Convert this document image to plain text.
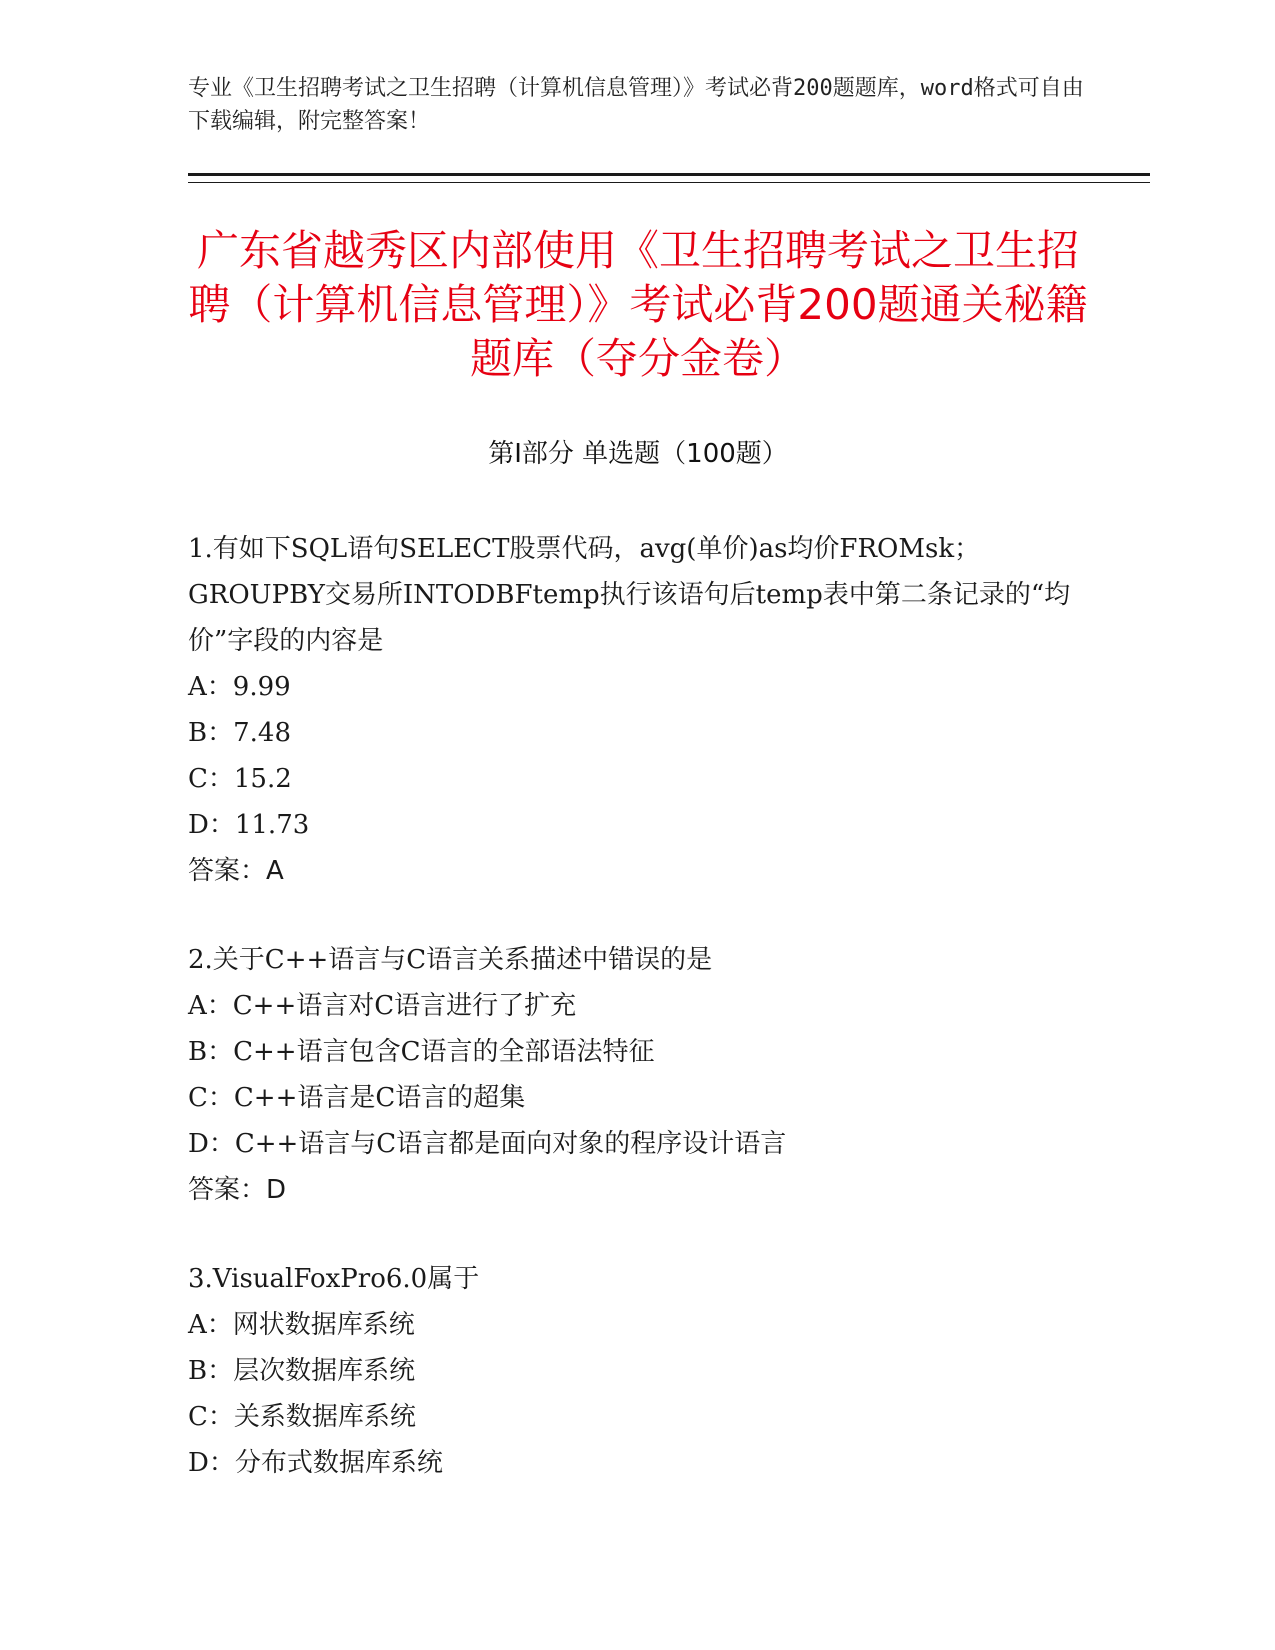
专业《卫生招聘考试之卫生招聘（计算机信息管理）》考试必背200题题库，word格式可自由下载编辑，附完整答案！
广东省越秀区内部使用《卫生招聘考试之卫生招聘（计算机信息管理）》考试必背200题通关秘籍题库（夺分金卷）
第Ⅰ部分 单选题（100题）
1.有如下SQL语句SELECT股票代码，avg(单价)as均价FROMsk；GROUPBY交易所INTODBFtemp执行该语句后temp表中第二条记录的“均价”字段的内容是
A：9.99
B：7.48
C：15.2
D：11.73
答案：A
2.关于C++语言与C语言关系描述中错误的是
A：C++语言对C语言进行了扩充
B：C++语言包含C语言的全部语法特征
C：C++语言是C语言的超集
D：C++语言与C语言都是面向对象的程序设计语言
答案：D
3.VisualFoxPro6.0属于
A：网状数据库系统
B：层次数据库系统
C：关系数据库系统
D：分布式数据库系统
